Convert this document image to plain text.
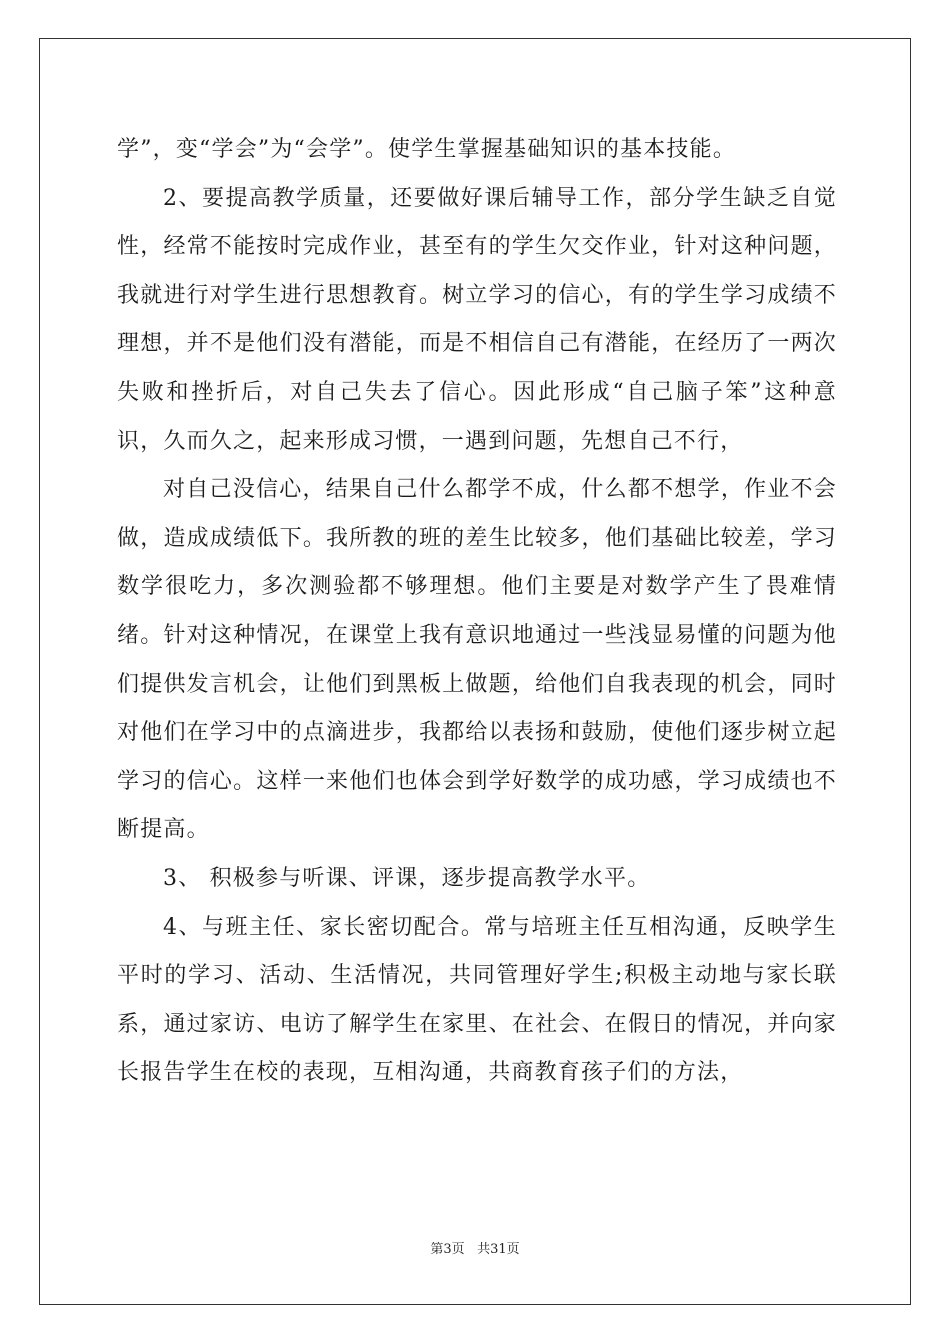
学”，变“学会”为“会学”。使学生掌握基础知识的基本技能。

2、要提高教学质量，还要做好课后辅导工作，部分学生缺乏自觉性，经常不能按时完成作业，甚至有的学生欠交作业，针对这种问题，我就进行对学生进行思想教育。树立学习的信心，有的学生学习成绩不理想，并不是他们没有潜能，而是不相信自己有潜能，在经历了一两次失败和挫折后，对自己失去了信心。因此形成“自己脑子笨”这种意识，久而久之，起来形成习惯，一遇到问题，先想自己不行，

对自己没信心，结果自己什么都学不成，什么都不想学，作业不会做，造成成绩低下。我所教的班的差生比较多，他们基础比较差，学习数学很吃力，多次测验都不够理想。他们主要是对数学产生了畏难情绪。针对这种情况，在课堂上我有意识地通过一些浅显易懂的问题为他们提供发言机会，让他们到黑板上做题，给他们自我表现的机会，同时对他们在学习中的点滴进步，我都给以表扬和鼓励，使他们逐步树立起学习的信心。这样一来他们也体会到学好数学的成功感，学习成绩也不断提高。

3、 积极参与听课、评课，逐步提高教学水平。

4、与班主任、家长密切配合。常与培班主任互相沟通，反映学生平时的学习、活动、生活情况，共同管理好学生;积极主动地与家长联系，通过家访、电访了解学生在家里、在社会、在假日的情况，并向家长报告学生在校的表现，互相沟通，共商教育孩子们的方法，

第3页 共31页
